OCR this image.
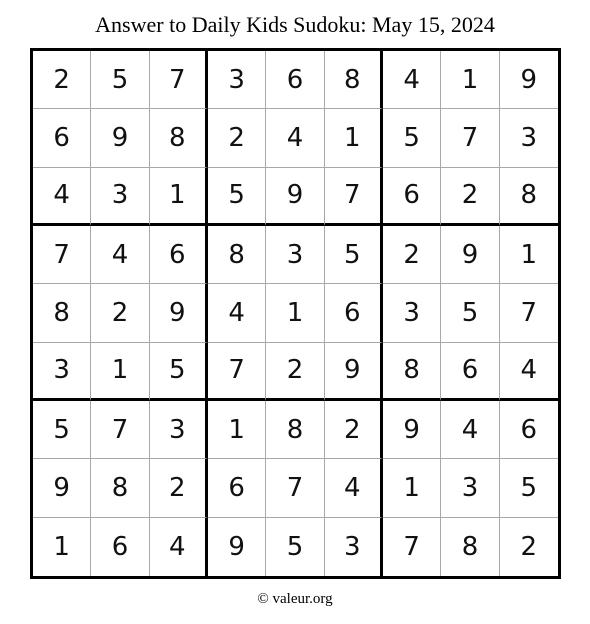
Answer to Daily Kids Sudoku: May 15, 2024
2	5	7	3	6	8	4	1	9
6	9	8	2	4	1	5	7	3
4	3	1	5	9	7	6	2	8
7	4	6	8	3	5	2	9	1
8	2	9	4	1	6	3	5	7
3	1	5	7	2	9	8	6	4
5	7	3	1	8	2	9	4	6
9	8	2	6	7	4	1	3	5
1	6	4	9	5	3	7	8	2
© valeur.org
